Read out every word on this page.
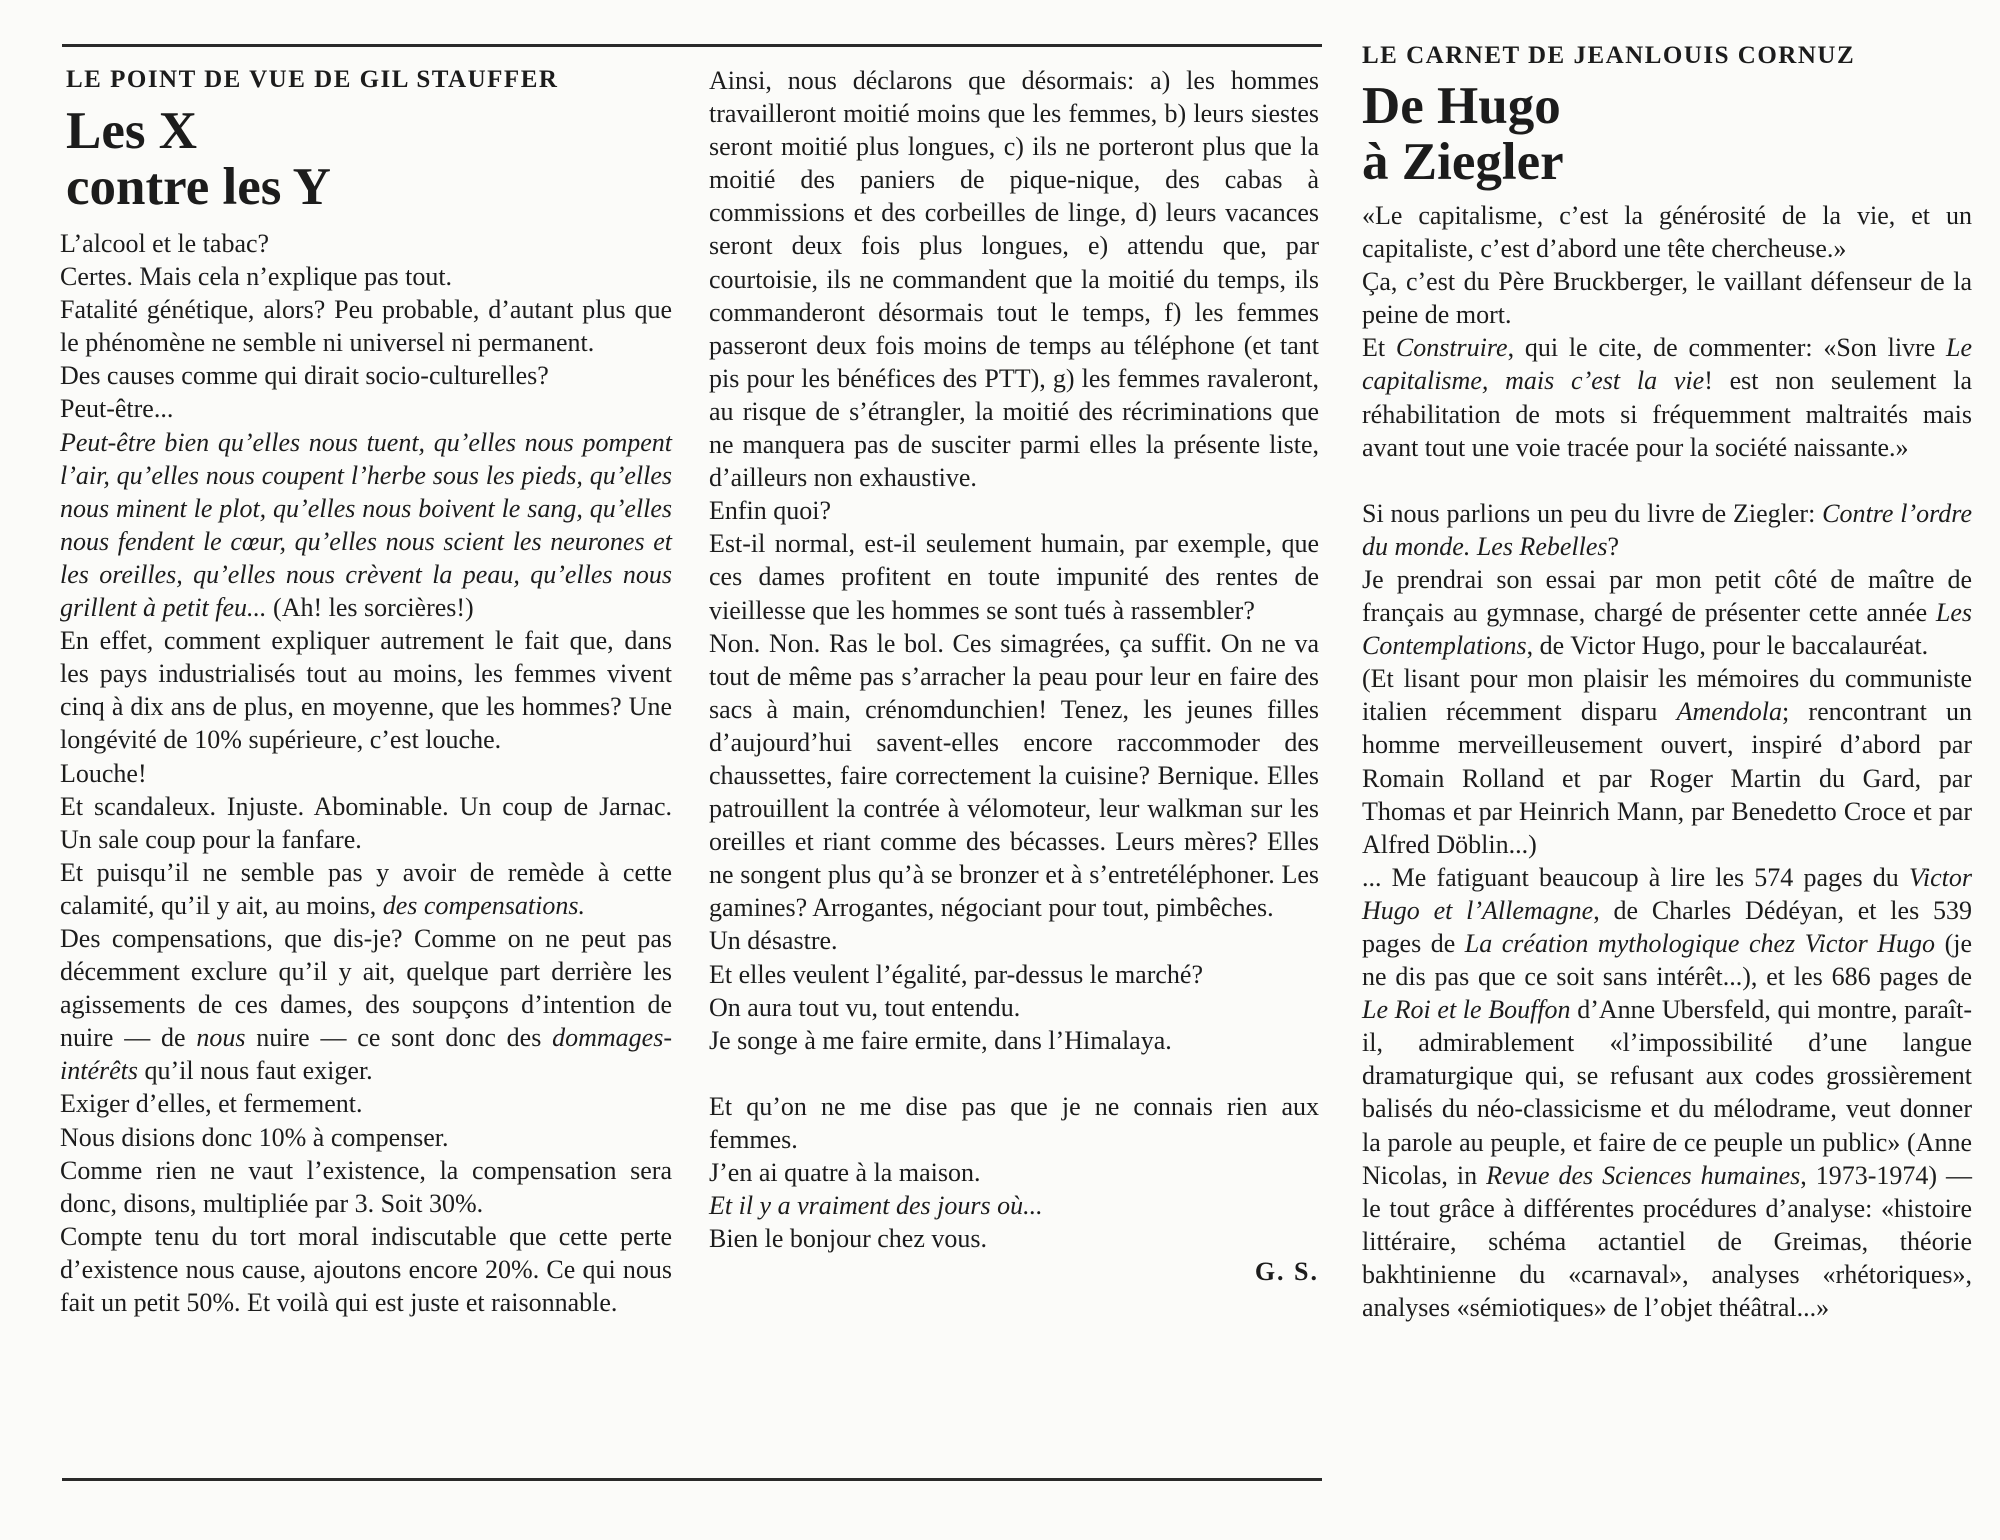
LE POINT DE VUE DE GIL STAUFFER

Les X
contre les Y

L’alcool et le tabac?

Certes. Mais cela n’explique pas tout.

Fatalité génétique, alors? Peu probable, d’autant plus que le phénomène ne semble ni universel ni permanent.

Des causes comme qui dirait socio-culturelles?

Peut-être...

Peut-être bien qu’elles nous tuent, qu’elles nous pompent l’air, qu’elles nous coupent l’herbe sous les pieds, qu’elles nous minent le plot, qu’elles nous boivent le sang, qu’elles nous fendent le cœur, qu’elles nous scient les neurones et les oreilles, qu’elles nous crèvent la peau, qu’elles nous grillent à petit feu... (Ah! les sorcières!)

En effet, comment expliquer autrement le fait que, dans les pays industrialisés tout au moins, les femmes vivent cinq à dix ans de plus, en moyenne, que les hommes? Une longévité de 10% supérieure, c’est louche.

Louche!

Et scandaleux. Injuste. Abominable. Un coup de Jarnac. Un sale coup pour la fanfare.

Et puisqu’il ne semble pas y avoir de remède à cette calamité, qu’il y ait, au moins, des compensations.

Des compensations, que dis-je? Comme on ne peut pas décemment exclure qu’il y ait, quelque part derrière les agissements de ces dames, des soupçons d’intention de nuire — de nous nuire — ce sont donc des dommages-intérêts qu’il nous faut exiger.

Exiger d’elles, et fermement.

Nous disions donc 10% à compenser.

Comme rien ne vaut l’existence, la compensation sera donc, disons, multipliée par 3. Soit 30%.

Compte tenu du tort moral indiscutable que cette perte d’existence nous cause, ajoutons encore 20%. Ce qui nous fait un petit 50%. Et voilà qui est juste et raisonnable.

Ainsi, nous déclarons que désormais: a) les hommes travailleront moitié moins que les femmes, b) leurs siestes seront moitié plus longues, c) ils ne porteront plus que la moitié des paniers de pique-nique, des cabas à commissions et des corbeilles de linge, d) leurs vacances seront deux fois plus longues, e) attendu que, par courtoisie, ils ne commandent que la moitié du temps, ils commanderont désormais tout le temps, f) les femmes passeront deux fois moins de temps au téléphone (et tant pis pour les bénéfices des PTT), g) les femmes ravaleront, au risque de s’étrangler, la moitié des récriminations que ne manquera pas de susciter parmi elles la présente liste, d’ailleurs non exhaustive.

Enfin quoi?

Est-il normal, est-il seulement humain, par exemple, que ces dames profitent en toute impunité des rentes de vieillesse que les hommes se sont tués à rassembler?

Non. Non. Ras le bol. Ces simagrées, ça suffit. On ne va tout de même pas s’arracher la peau pour leur en faire des sacs à main, crénomdunchien! Tenez, les jeunes filles d’aujourd’hui savent-elles encore raccommoder des chaussettes, faire correctement la cuisine? Bernique. Elles patrouillent la contrée à vélomoteur, leur walkman sur les oreilles et riant comme des bécasses. Leurs mères? Elles ne songent plus qu’à se bronzer et à s’entretéléphoner. Les gamines? Arrogantes, négociant pour tout, pimbêches.

Un désastre.

Et elles veulent l’égalité, par-dessus le marché?

On aura tout vu, tout entendu.

Je songe à me faire ermite, dans l’Himalaya.

Et qu’on ne me dise pas que je ne connais rien aux femmes.

J’en ai quatre à la maison.

Et il y a vraiment des jours où...

Bien le bonjour chez vous.

G. S.

LE CARNET DE JEANLOUIS CORNUZ

De Hugo
à Ziegler

«Le capitalisme, c’est la générosité de la vie, et un capitaliste, c’est d’abord une tête chercheuse.»

Ça, c’est du Père Bruckberger, le vaillant défenseur de la peine de mort.

Et Construire, qui le cite, de commenter: «Son livre Le capitalisme, mais c’est la vie! est non seulement la réhabilitation de mots si fréquemment maltraités mais avant tout une voie tracée pour la société naissante.»

Si nous parlions un peu du livre de Ziegler: Contre l’ordre du monde. Les Rebelles?

Je prendrai son essai par mon petit côté de maître de français au gymnase, chargé de présenter cette année Les Contemplations, de Victor Hugo, pour le baccalauréat.

(Et lisant pour mon plaisir les mémoires du communiste italien récemment disparu Amendola; rencontrant un homme merveilleusement ouvert, inspiré d’abord par Romain Rolland et par Roger Martin du Gard, par Thomas et par Heinrich Mann, par Benedetto Croce et par Alfred Döblin...)

... Me fatiguant beaucoup à lire les 574 pages du Victor Hugo et l’Allemagne, de Charles Dédéyan, et les 539 pages de La création mythologique chez Victor Hugo (je ne dis pas que ce soit sans intérêt...), et les 686 pages de Le Roi et le Bouffon d’Anne Ubersfeld, qui montre, paraît-il, admirablement «l’impossibilité d’une langue dramaturgique qui, se refusant aux codes grossièrement balisés du néo-classicisme et du mélodrame, veut donner la parole au peuple, et faire de ce peuple un public» (Anne Nicolas, in Revue des Sciences humaines, 1973-1974) — le tout grâce à différentes procédures d’analyse: «histoire littéraire, schéma actantiel de Greimas, théorie bakhtinienne du «carnaval», analyses «rhétoriques», analyses «sémiotiques» de l’objet théâtral...»
